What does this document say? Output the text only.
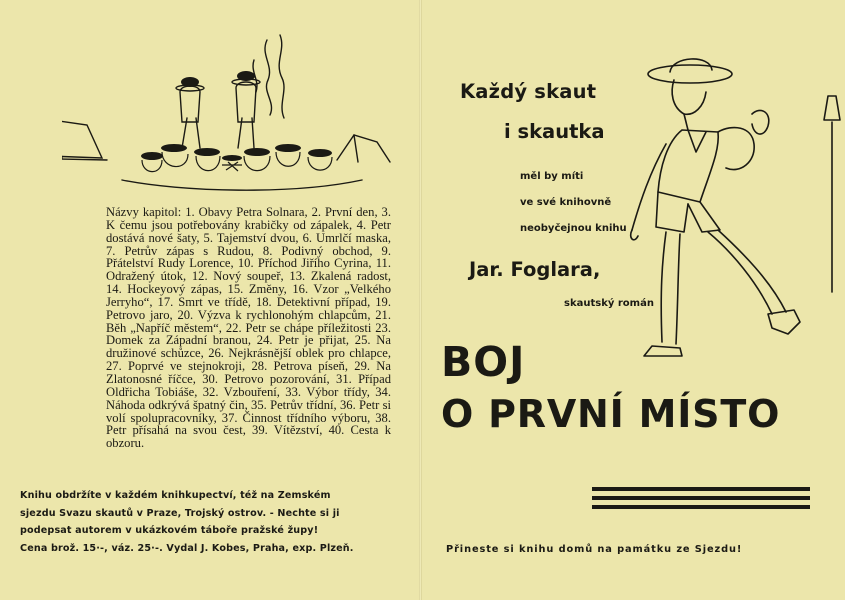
Názvy kapitol: 1. Obavy Petra Solnara, 2. První den, 3. K čemu jsou potřebovány krabičky od zápalek, 4. Petr dostává nové šaty, 5. Tajemství dvou, 6. Umrlčí maska, 7. Petrův zápas s Rudou, 8. Podivný obchod, 9. Přátelství Rudy Lorence, 10. Příchod Jiřího Cyrina, 11. Odražený útok, 12. Nový soupeř, 13. Zkalená radost, 14. Hockeyový zápas, 15. Změny, 16. Vzor „Velkého Jerryho“, 17. Smrt ve třídě, 18. Detektivní případ, 19. Petrovo jaro, 20. Výzva k rychlonohým chlapcům, 21. Běh „Napříč městem“, 22. Petr se chápe příležitosti 23. Domek za Západní branou, 24. Petr je přijat, 25. Na družinové schůzce, 26. Nejkrásnější oblek pro chlapce, 27. Poprvé ve stejnokroji, 28. Petrova píseň, 29. Na Zlatonosné říčce, 30. Petrovo pozorování, 31. Případ Oldřicha Tobiáše, 32. Vzbouření, 33. Výbor třídy, 34. Náhoda odkrývá špatný čin, 35. Petrův třídní, 36. Petr si volí spolupracovníky, 37. Činnost třídního výboru, 38. Petr přísahá na svou čest, 39. Vítězství, 40. Cesta k obzoru.
Knihu obdržíte v každém knihkupectví, též na Zemském
sjezdu Svazu skautů v Praze, Trojský ostrov. - Nechte si ji
podepsat autorem v ukázkovém táboře pražské župy!
Cena brož. 15·-, váz. 25·-. Vydal J. Kobes, Praha, exp. Plzeň.
Každý skaut
i skautka
měl by míti
ve své knihovně
neobyčejnou knihu
Jar. Foglara,
skautský román
BOJ
O PRVNÍ MÍSTO
Přineste si knihu domů na památku ze Sjezdu!
